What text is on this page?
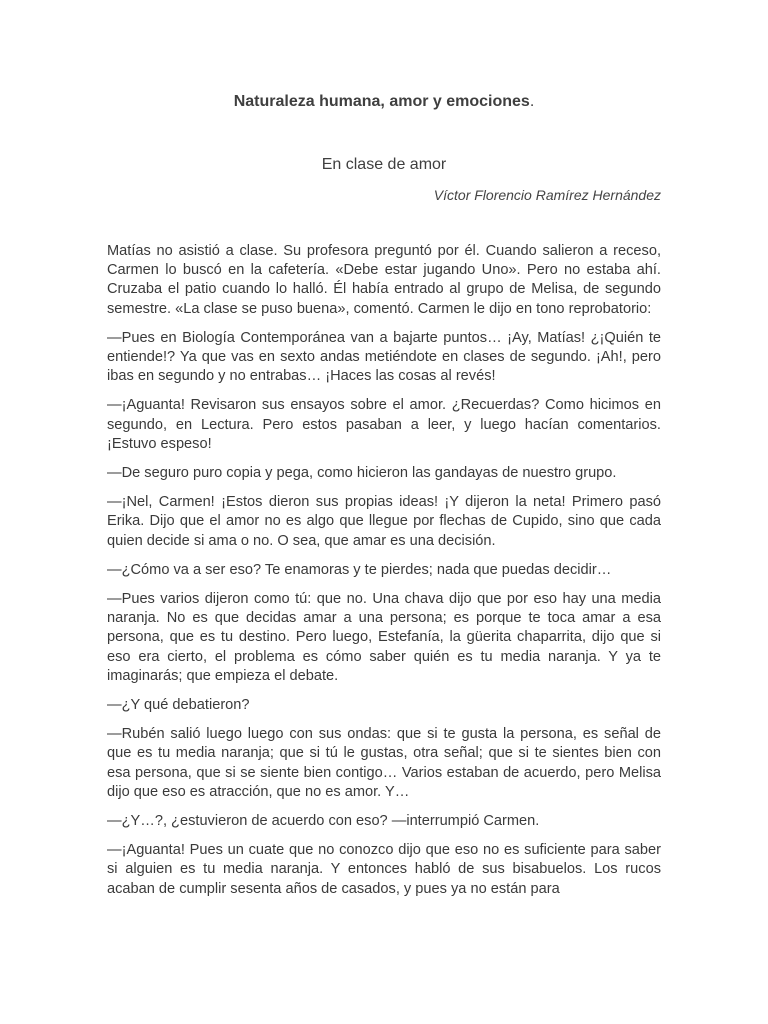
Naturaleza humana, amor y emociones.
En clase de amor

Víctor Florencio Ramírez Hernández

Matías no asistió a clase. Su profesora preguntó por él. Cuando salieron a receso, Carmen lo buscó en la cafetería. «Debe estar jugando Uno». Pero no estaba ahí. Cruzaba el patio cuando lo halló. Él había entrado al grupo de Melisa, de segundo semestre. «La clase se puso buena», comentó. Carmen le dijo en tono reprobatorio:

—Pues en Biología Contemporánea van a bajarte puntos… ¡Ay, Matías! ¿¡Quién te entiende!? Ya que vas en sexto andas metiéndote en clases de segundo. ¡Ah!, pero ibas en segundo y no entrabas… ¡Haces las cosas al revés!

—¡Aguanta! Revisaron sus ensayos sobre el amor. ¿Recuerdas? Como hicimos en segundo, en Lectura. Pero estos pasaban a leer, y luego hacían comentarios. ¡Estuvo espeso!

—De seguro puro copia y pega, como hicieron las gandayas de nuestro grupo.

—¡Nel, Carmen! ¡Estos dieron sus propias ideas! ¡Y dijeron la neta! Primero pasó Erika. Dijo que el amor no es algo que llegue por flechas de Cupido, sino que cada quien decide si ama o no. O sea, que amar es una decisión.

—¿Cómo va a ser eso? Te enamoras y te pierdes; nada que puedas decidir…

—Pues varios dijeron como tú: que no. Una chava dijo que por eso hay una media naranja. No es que decidas amar a una persona; es porque te toca amar a esa persona, que es tu destino. Pero luego, Estefanía, la güerita chaparrita, dijo que si eso era cierto, el problema es cómo saber quién es tu media naranja. Y ya te imaginarás; que empieza el debate.

—¿Y qué debatieron?

—Rubén salió luego luego con sus ondas: que si te gusta la persona, es señal de que es tu media naranja; que si tú le gustas, otra señal; que si te sientes bien con esa persona, que si se siente bien contigo… Varios estaban de acuerdo, pero Melisa dijo que eso es atracción, que no es amor. Y…

—¿Y…?, ¿estuvieron de acuerdo con eso? —interrumpió Carmen.

—¡Aguanta! Pues un cuate que no conozco dijo que eso no es suficiente para saber si alguien es tu media naranja. Y entonces habló de sus bisabuelos. Los rucos acaban de cumplir sesenta años de casados, y pues ya no están para
